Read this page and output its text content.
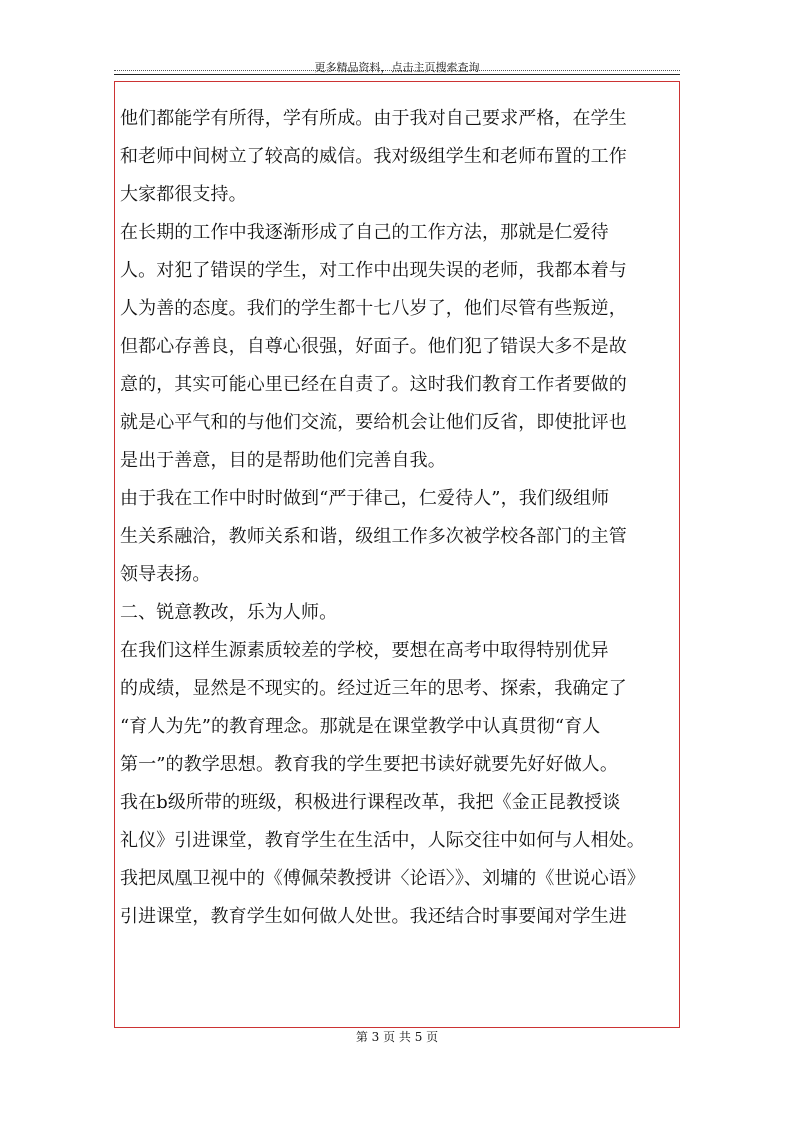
更多精品资料，点击主页搜索查询
他们都能学有所得，学有所成。由于我对自己要求严格，在学生
和老师中间树立了较高的威信。我对级组学生和老师布置的工作
大家都很支持。
在长期的工作中我逐渐形成了自己的工作方法，那就是仁爱待
人。对犯了错误的学生，对工作中出现失误的老师，我都本着与
人为善的态度。我们的学生都十七八岁了，他们尽管有些叛逆，
但都心存善良，自尊心很强，好面子。他们犯了错误大多不是故
意的，其实可能心里已经在自责了。这时我们教育工作者要做的
就是心平气和的与他们交流，要给机会让他们反省，即使批评也
是出于善意，目的是帮助他们完善自我。
由于我在工作中时时做到“严于律己，仁爱待人”，我们级组师
生关系融洽，教师关系和谐，级组工作多次被学校各部门的主管
领导表扬。
二、锐意教改，乐为人师。
在我们这样生源素质较差的学校，要想在高考中取得特别优异
的成绩，显然是不现实的。经过近三年的思考、探索，我确定了
“育人为先”的教育理念。那就是在课堂教学中认真贯彻“育人
第一”的教学思想。教育我的学生要把书读好就要先好好做人。
我在b级所带的班级，积极进行课程改革，我把《金正昆教授谈
礼仪》引进课堂，教育学生在生活中，人际交往中如何与人相处。
我把凤凰卫视中的《傅佩荣教授讲〈论语〉》、刘墉的《世说心语》
引进课堂，教育学生如何做人处世。我还结合时事要闻对学生进
第 3 页 共 5 页
